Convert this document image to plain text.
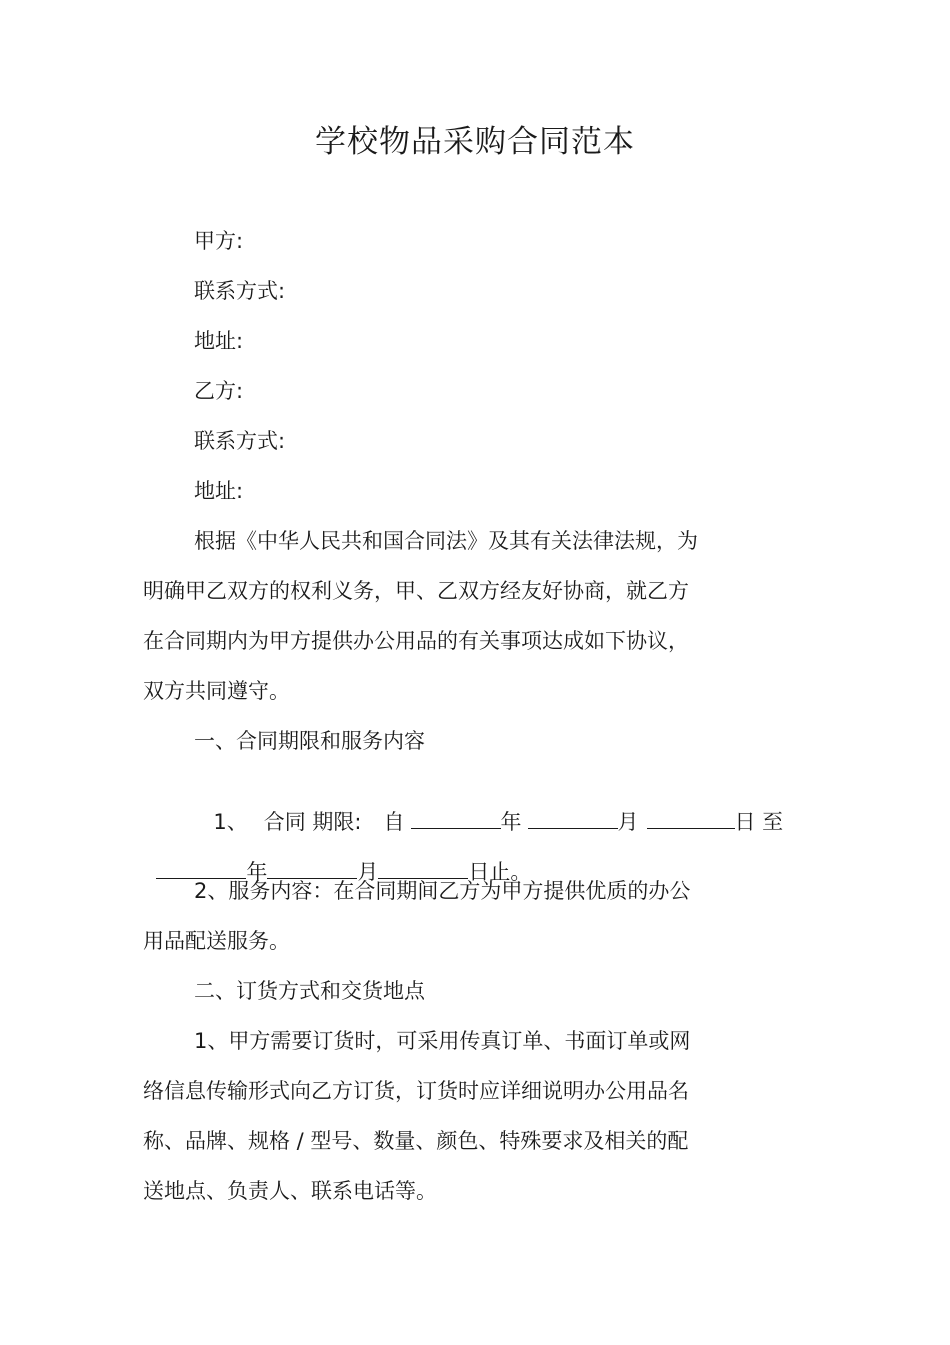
学校物品采购合同范本
甲方:
联系方式:
地址:
乙方:
联系方式:
地址:
根据《中华人民共和国合同法》及其有关法律法规，为
明确甲乙双方的权利义务，甲、乙双方经友好协商，就乙方
在合同期内为甲方提供办公用品的有关事项达成如下协议，
双方共同遵守。
一、合同期限和服务内容

1、 合同 期限: 自	年	月	日 至

年	月	日止。

2、服务内容：在合同期间乙方为甲方提供优质的办公
用品配送服务。
二、订货方式和交货地点
1、甲方需要订货时，可采用传真订单、书面订单或网
络信息传输形式向乙方订货，订货时应详细说明办公用品名
称、品牌、规格 / 型号、数量、颜色、特殊要求及相关的配
送地点、负责人、联系电话等。
